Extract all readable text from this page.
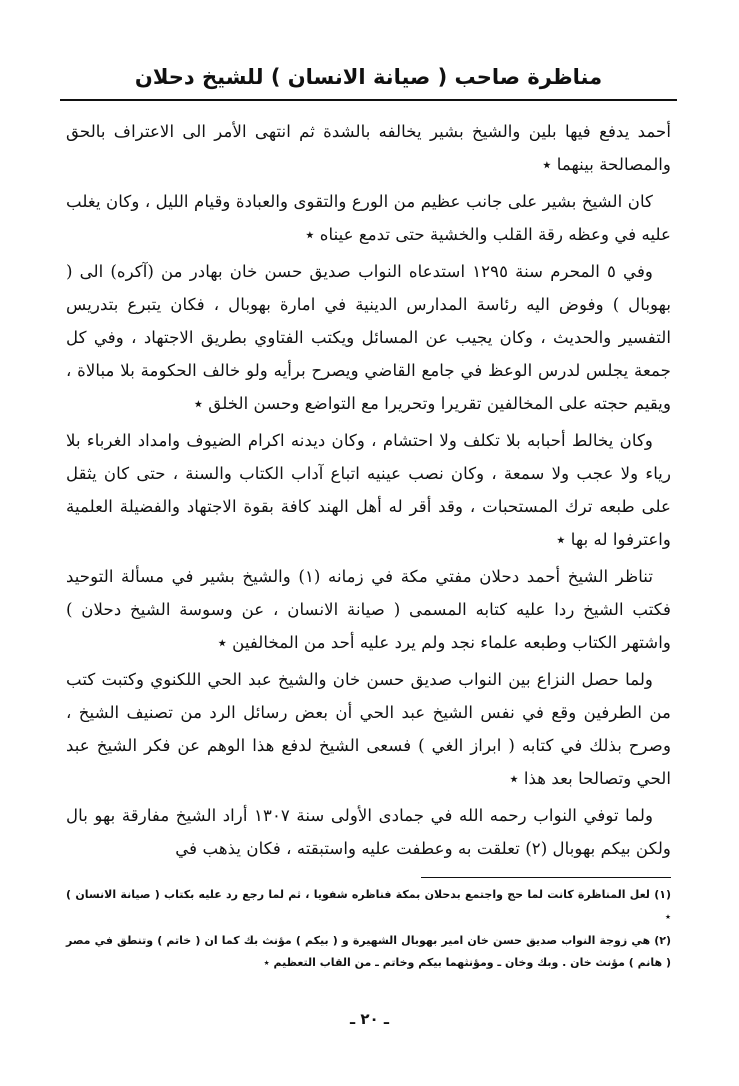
مناظرة صاحب ( صيانة الانسان ) للشيخ دحلان

أحمد يدفع فيها بلين والشيخ بشير يخالفه بالشدة ثم انتهى الأمر الى الاعتراف بالحق والمصالحة بينهما ٭

كان الشيخ بشير على جانب عظيم من الورع والتقوى والعبادة وقيام الليل ، وكان يغلب عليه في وعظه رقة القلب والخشية حتى تدمع عيناه ٭

وفي ٥ المحرم سنة ١٢٩٥ استدعاه النواب صديق حسن خان بهادر من (آكره) الى ( بهوبال ) وفوض اليه رئاسة المدارس الدينية في امارة بهوبال ، فكان يتبرع بتدريس التفسير والحديث ، وكان يجيب عن المسائل ويكتب الفتاوي بطريق الاجتهاد ، وفي كل جمعة يجلس لدرس الوعظ في جامع القاضي ويصرح برأيه ولو خالف الحكومة بلا مبالاة ، ويقيم حجته على المخالفين تقريرا وتحريرا مع التواضع وحسن الخلق ٭

وكان يخالط أحبابه بلا تكلف ولا احتشام ، وكان ديدنه اكرام الضيوف وامداد الغرباء بلا رياء ولا عجب ولا سمعة ، وكان نصب عينيه اتباع آداب الكتاب والسنة ، حتى كان يثقل على طبعه ترك المستحبات ، وقد أقر له أهل الهند كافة بقوة الاجتهاد والفضيلة العلمية واعترفوا له بها ٭

تناظر الشيخ أحمد دحلان مفتي مكة في زمانه (١) والشيخ بشير في مسألة التوحيد فكتب الشيخ ردا عليه كتابه المسمى ( صيانة الانسان ، عن وسوسة الشيخ دحلان ) واشتهر الكتاب وطبعه علماء نجد ولم يرد عليه أحد من المخالفين ٭

ولما حصل النزاع بين النواب صديق حسن خان والشيخ عبد الحي اللكنوي وكتبت كتب من الطرفين وقع في نفس الشيخ عبد الحي أن بعض رسائل الرد من تصنيف الشيخ ، وصرح بذلك في كتابه ( ابراز الغي ) فسعى الشيخ لدفع هذا الوهم عن فكر الشيخ عبد الحي وتصالحا بعد هذا ٭

ولما توفي النواب رحمه الله في جمادى الأولى سنة ١٣٠٧ أراد الشيخ مفارقة بهو بال ولكن بيكم بهوبال (٢) تعلقت به وعطفت عليه واستبقته ، فكان يذهب في

(١) لعل المناظرة كانت لما حج واجتمع بدحلان بمكة فناظره شفويا ، ثم لما رجع رد عليه بكتاب ( صيانة الانسان ) ٭

(٢) هي زوجة النواب صديق حسن خان امير بهوبال الشهيرة و ( بيكم ) مؤنث بك كما ان ( خاتم ) وتنطق في مصر ( هانم ) مؤنث خان . وبك وخان ـ ومؤنثهما بيكم وخاتم ـ من القاب التعظيم ٭

ـ ٢٠ ـ
